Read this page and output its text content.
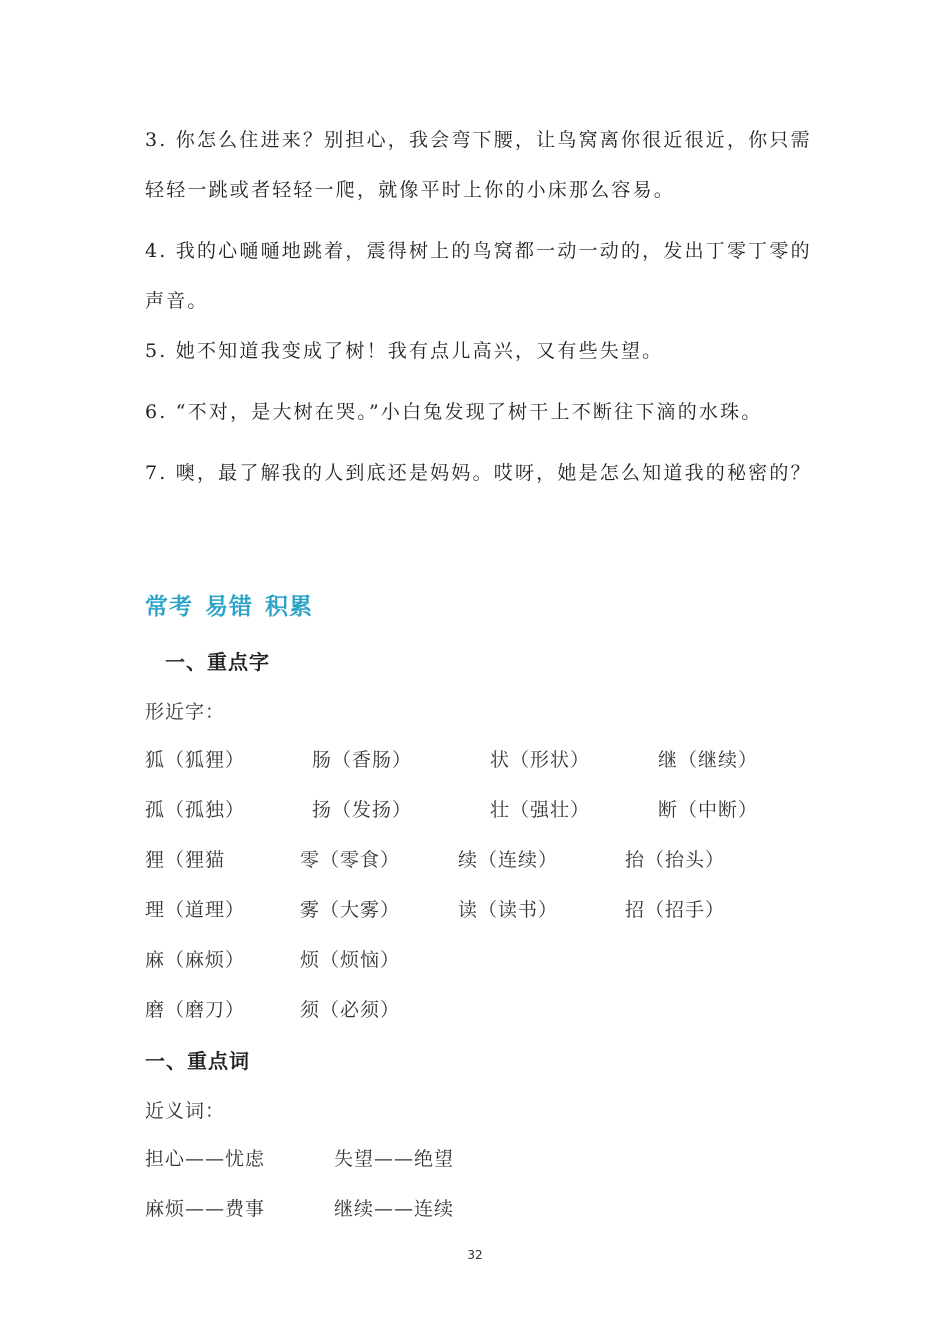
3. 你怎么住进来？别担心，我会弯下腰，让鸟窝离你很近很近，你只需轻轻一跳或者轻轻一爬，就像平时上你的小床那么容易。
4. 我的心嗵嗵地跳着，震得树上的鸟窝都一动一动的，发出丁零丁零的声音。
5. 她不知道我变成了树！我有点儿高兴，又有些失望。
6. “不对，是大树在哭。”小白兔发现了树干上不断往下滴的水珠。
7. 噢，最了解我的人到底还是妈妈。哎呀，她是怎么知道我的秘密的？
常考 易错 积累
一、重点字
形近字：
狐（狐狸）	肠（香肠）	状（形状）	继（继续）
孤（孤独）	扬（发扬）	壮（强壮）	断（中断）
狸（狸猫	零（零食）	续（连续）	抬（抬头）
理（道理）	雾（大雾）	读（读书）	招（招手）
麻（麻烦）	烦（烦恼）
磨（磨刀）	须（必须）
一、重点词
近义词：
担心——忧虑	失望——绝望
麻烦——费事	继续——连续
32
